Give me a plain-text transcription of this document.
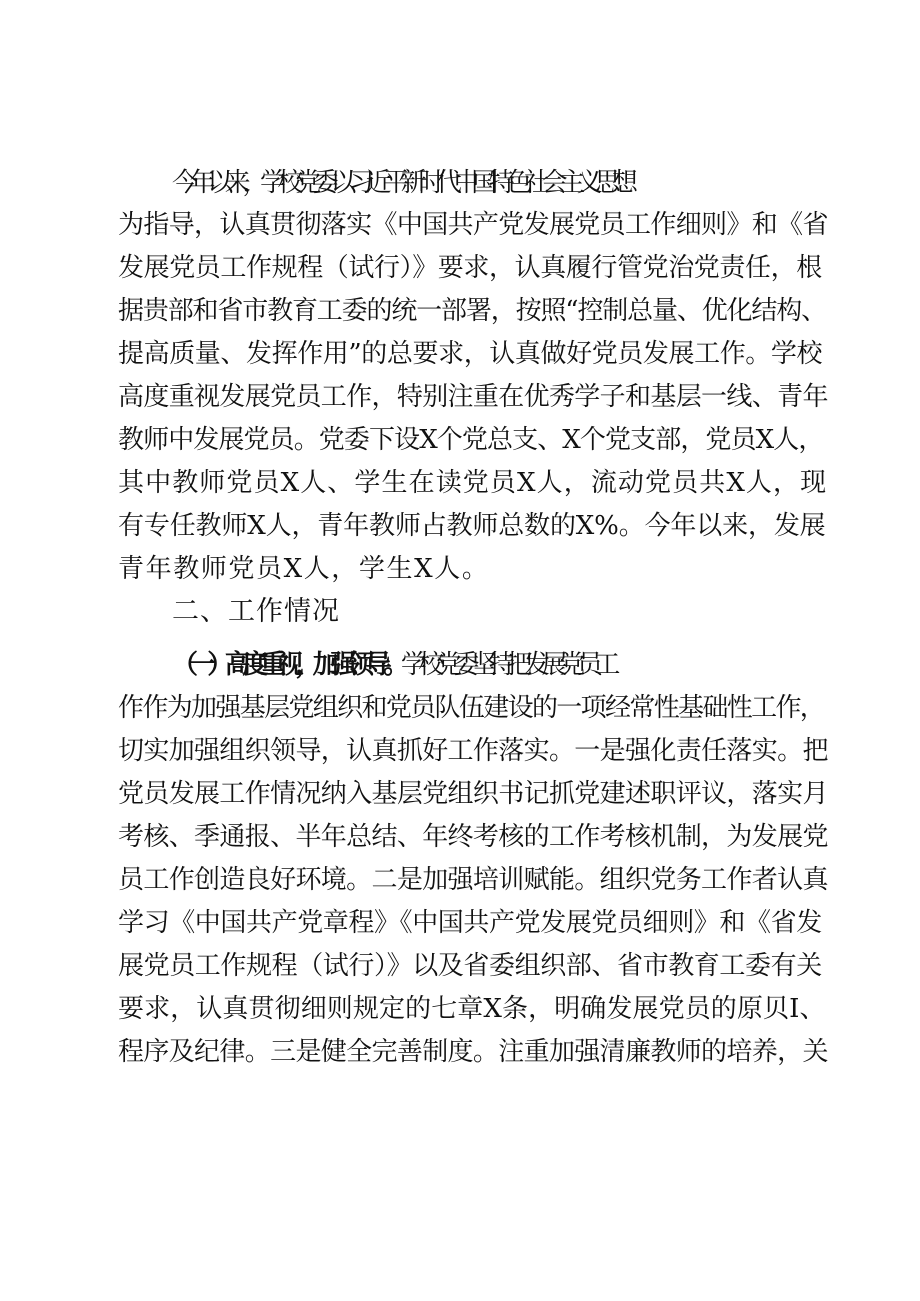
今年以来，学校党委以习近平新时代中国特色社会主义思想
为指导，认真贯彻落实《中国共产党发展党员工作细则》和《省
发展党员工作规程（试行）》要求，认真履行管党治党责任，根
据贵部和省市教育工委的统一部署，按照“控制总量、优化结构、
提高质量、发挥作用”的总要求，认真做好党员发展工作。学校
高度重视发展党员工作，特别注重在优秀学子和基层一线、青年
教师中发展党员。党委下设X个党总支、X个党支部，党员X人，
其中教师党员X人、学生在读党员X人，流动党员共X人，现
有专任教师X人，青年教师占教师总数的X%。今年以来，发展
青年教师党员X人，学生X人。
二、工作情况
（一）高度重视，加强领导。学校党委坚持把发展党员工
作作为加强基层党组织和党员队伍建设的一项经常性基础性工作，
切实加强组织领导，认真抓好工作落实。一是强化责任落实。把
党员发展工作情况纳入基层党组织书记抓党建述职评议，落实月
考核、季通报、半年总结、年终考核的工作考核机制，为发展党
员工作创造良好环境。二是加强培训赋能。组织党务工作者认真
学习《中国共产党章程》《中国共产党发展党员细则》和《省发
展党员工作规程（试行）》以及省委组织部、省市教育工委有关
要求，认真贯彻细则规定的七章X条，明确发展党员的原贝I、
程序及纪律。三是健全完善制度。注重加强清廉教师的培养，关
